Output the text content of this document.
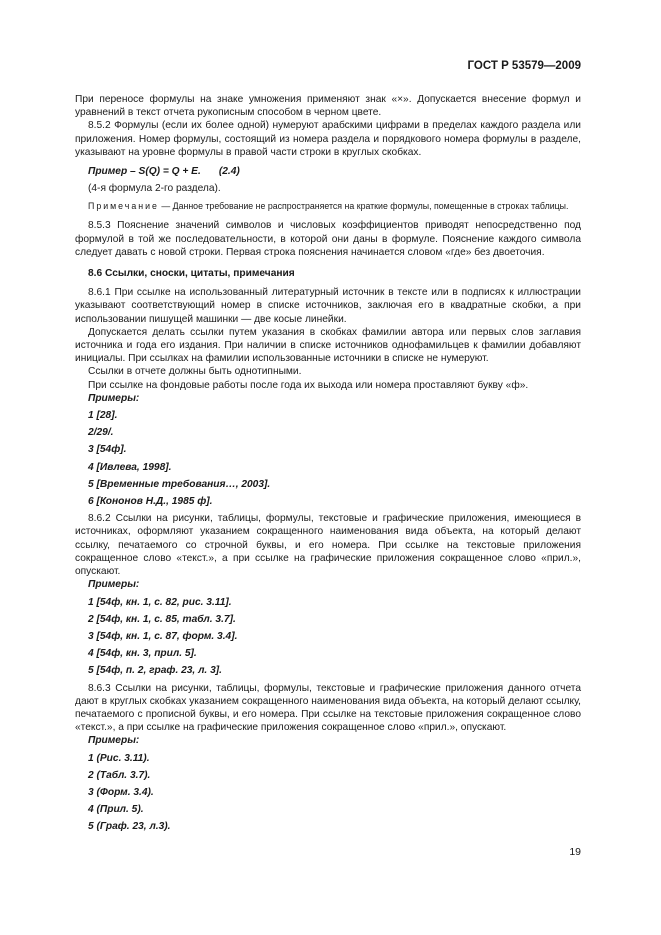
ГОСТ Р 53579—2009

При переносе формулы на знаке умножения применяют знак «×». Допускается внесение формул и уравнений в текст отчета рукописным способом в черном цвете.

8.5.2 Формулы (если их более одной) нумеруют арабскими цифрами в пределах каждого раздела или приложения. Номер формулы, состоящий из номера раздела и порядкового номера формулы в разделе, указывают на уровне формулы в правой части строки в круглых скобках.

Пример – S(Q) = Q + E. (2.4)

(4-я формула 2-го раздела).

Примечание — Данное требование не распространяется на краткие формулы, помещенные в строках таблицы.

8.5.3 Пояснение значений символов и числовых коэффициентов приводят непосредственно под формулой в той же последовательности, в которой они даны в формуле. Пояснение каждого символа следует давать с новой строки. Первая строка пояснения начинается словом «где» без двоеточия.

8.6 Ссылки, сноски, цитаты, примечания

8.6.1 При ссылке на использованный литературный источник в тексте или в подписях к иллюстрации указывают соответствующий номер в списке источников, заключая его в квадратные скобки, а при использовании пишущей машинки — две косые линейки.

Допускается делать ссылки путем указания в скобках фамилии автора или первых слов заглавия источника и года его издания. При наличии в списке источников однофамильцев к фамилии добавляют инициалы. При ссылках на фамилии использованные источники в списке не нумеруют.

Ссылки в отчете должны быть однотипными.

При ссылке на фондовые работы после года их выхода или номера проставляют букву «ф».

Примеры:

1 [28].
2/29/.
3 [54ф].
4 [Ивлева, 1998].
5 [Временные требования…, 2003].
6 [Кононов Н.Д., 1985 ф].

8.6.2 Ссылки на рисунки, таблицы, формулы, текстовые и графические приложения, имеющиеся в источниках, оформляют указанием сокращенного наименования вида объекта, на который делают ссылку, печатаемого со строчной буквы, и его номера. При ссылке на текстовые приложения сокращенное слово «текст.», а при ссылке на графические приложения сокращенное слово «прил.», опускают.

Примеры:

1 [54ф, кн. 1, с. 82, рис. 3.11].
2 [54ф, кн. 1, с. 85, табл. 3.7].
3 [54ф, кн. 1, с. 87, форм. 3.4].
4 [54ф, кн. 3, прил. 5].
5 [54ф, п. 2, граф. 23, л. 3].

8.6.3 Ссылки на рисунки, таблицы, формулы, текстовые и графические приложения данного отчета дают в круглых скобках указанием сокращенного наименования вида объекта, на который делают ссылку, печатаемого с прописной буквы, и его номера. При ссылке на текстовые приложения сокращенное слово «текст.», а при ссылке на графические приложения сокращенное слово «прил.», опускают.

Примеры:

1 (Рис. 3.11).
2 (Табл. 3.7).
3 (Форм. 3.4).
4 (Прил. 5).
5 (Граф. 23, л.3).
19
